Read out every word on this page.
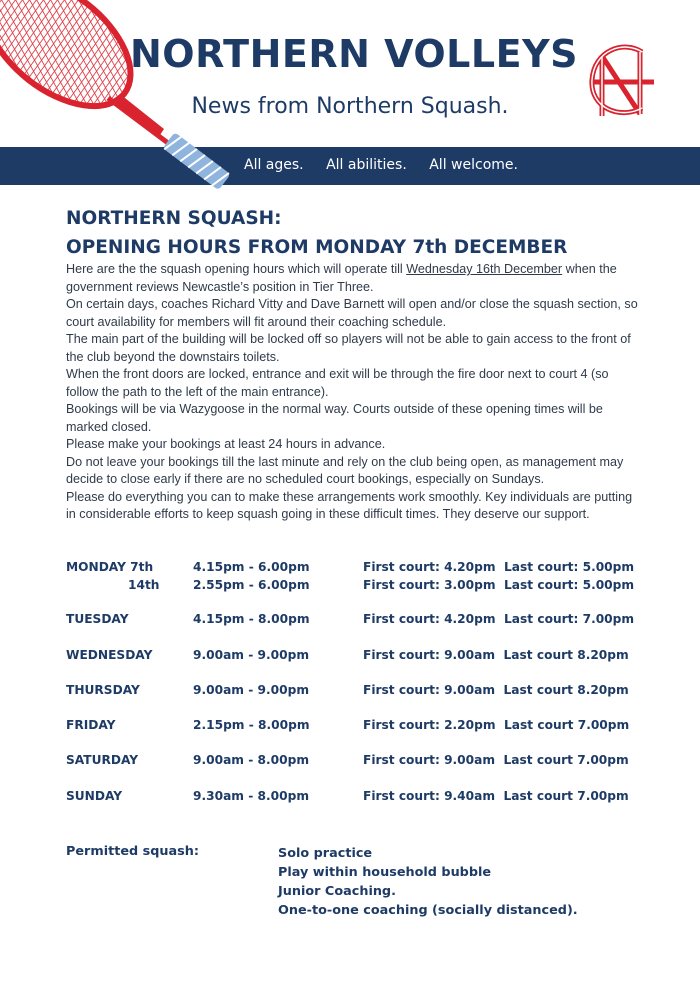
NORTHERN VOLLEYS

News from Northern Squash.

All ages. All abilities. All welcome.
NORTHERN SQUASH:
OPENING HOURS FROM MONDAY 7th DECEMBER

Here are the the squash opening hours which will operate till Wednesday 16th December when the government reviews Newcastle’s position in Tier Three.

On certain days, coaches Richard Vitty and Dave Barnett will open and/or close the squash section, so court availability for members will fit around their coaching schedule.

The main part of the building will be locked off so players will not be able to gain access to the front of the club beyond the downstairs toilets.

When the front doors are locked, entrance and exit will be through the fire door next to court 4 (so follow the path to the left of the main entrance).

Bookings will be via Wazygoose in the normal way. Courts outside of these opening times will be marked closed.

Please make your bookings at least 24 hours in advance.

Do not leave your bookings till the last minute and rely on the club being open, as management may decide to close early if there are no scheduled court bookings, especially on Sundays.

Please do everything you can to make these arrangements work smoothly. Key individuals are putting in considerable efforts to keep squash going in these difficult times. They deserve our support.

MONDAY 7th	4.15pm - 6.00pm	First court: 4.20pm  Last court: 5.00pm
14th	2.55pm - 6.00pm	First court: 3.00pm  Last court: 5.00pm
TUESDAY	4.15pm - 8.00pm	First court: 4.20pm  Last court: 7.00pm
WEDNESDAY	9.00am - 9.00pm	First court: 9.00am  Last court 8.20pm
THURSDAY	9.00am - 9.00pm	First court: 9.00am  Last court 8.20pm
FRIDAY	2.15pm - 8.00pm	First court: 2.20pm  Last court 7.00pm
SATURDAY	9.00am - 8.00pm	First court: 9.00am  Last court 7.00pm
SUNDAY	9.30am - 8.00pm	First court: 9.40am  Last court 7.00pm
Permitted squash:	Solo practice
Play within household bubble
Junior Coaching.
One-to-one coaching (socially distanced).
